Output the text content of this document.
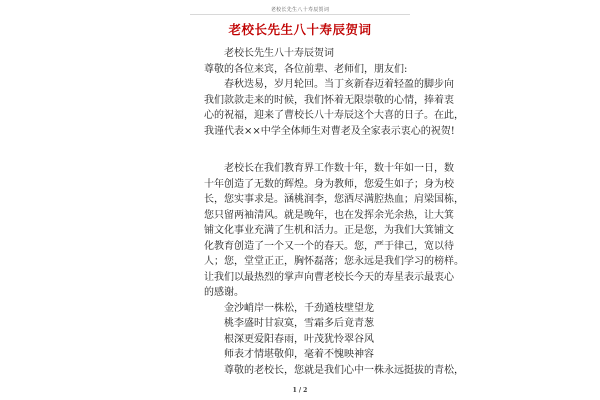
老校长先生八十寿辰贺词
老校长先生八十寿辰贺词

　　老校长先生八十寿辰贺词

尊敬的各位来宾，各位前辈、老师们，朋友们:

　　春秋迭易，岁月轮回。当丁亥新春迈着轻盈的脚步向

我们款款走来的时候，我们怀着无限崇敬的心情，捧着衷

心的祝福，迎来了曹校长八十寿辰这个大喜的日子。在此，

我谨代表××中学全体师生对曹老及全家表示衷心的祝贺!

　　老校长在我们教育界工作数十年，数十年如一日，数

十年创造了无数的辉煌。身为教师，您爱生如子；身为校

长，您实事求是。涵桃润李，您洒尽满腔热血；肩梁国栋，

您只留两袖清风。就是晚年，也在发挥余光余热，让大箕

铺文化事业充满了生机和活力。正是您，为我们大箕铺文

化教育创造了一个又一个的春天。您，严于律己，宽以待

人；您，堂堂正正，胸怀磊落；您永远是我们学习的榜样。

让我们以最热烈的掌声向曹老校长今天的寿星表示最衷心

的感谢。

　　金沙峭岸一株松，千劲遒枝壁望龙

　　桃李盛时甘寂寞，雪霜多后竟青葱

　　根深更爱阳春雨，叶茂犹怜翠谷风

　　师表才情堪敬仰，毫着不愧映神容

　　尊敬的老校长，您就是我们心中一株永远挺拔的青松，

1 / 2
